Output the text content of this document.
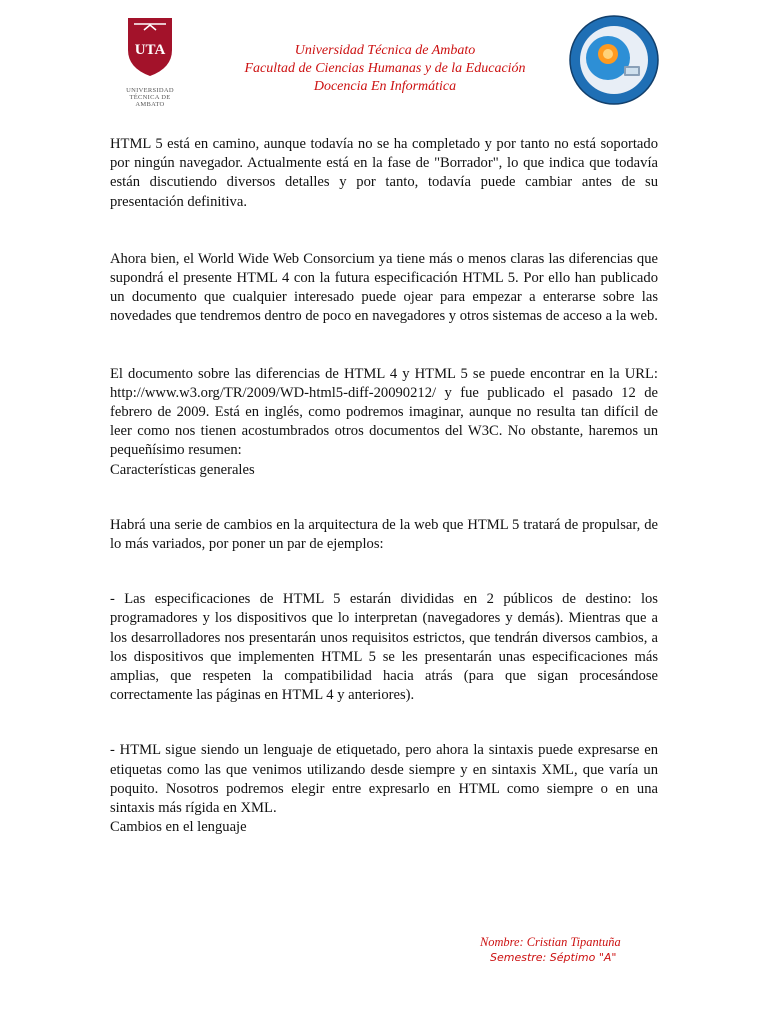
UTA
UNIVERSIDAD
TÉCNICA DE AMBATO
Universidad Técnica de Ambato
Facultad de Ciencias Humanas y de la Educación
Docencia En Informática

HTML 5 está en camino, aunque todavía no se ha completado y por tanto no está soportado por ningún navegador. Actualmente está en la fase de "Borrador", lo que indica que todavía están discutiendo diversos detalles y por tanto, todavía puede cambiar antes de su presentación definitiva.

Ahora bien, el World Wide Web Consorcium ya tiene más o menos claras las diferencias que supondrá el presente HTML 4 con la futura especificación HTML 5. Por ello han publicado un documento que cualquier interesado puede ojear para empezar a enterarse sobre las novedades que tendremos dentro de poco en navegadores y otros sistemas de acceso a la web.

El documento sobre las diferencias de HTML 4 y HTML 5 se puede encontrar en la URL: http://www.w3.org/TR/2009/WD-html5-diff-20090212/ y fue publicado el pasado 12 de febrero de 2009. Está en inglés, como podremos imaginar, aunque no resulta tan difícil de leer como nos tienen acostumbrados otros documentos del W3C. No obstante, haremos un pequeñísimo resumen:

Características generales

Habrá una serie de cambios en la arquitectura de la web que HTML 5 tratará de propulsar, de lo más variados, por poner un par de ejemplos:

- Las especificaciones de HTML 5 estarán divididas en 2 públicos de destino: los programadores y los dispositivos que lo interpretan (navegadores y demás). Mientras que a los desarrolladores nos presentarán unos requisitos estrictos, que tendrán diversos cambios, a los dispositivos que implementen HTML 5 se les presentarán unas especificaciones más amplias, que respeten la compatibilidad hacia atrás (para que sigan procesándose correctamente las páginas en HTML 4 y anteriores).

- HTML sigue siendo un lenguaje de etiquetado, pero ahora la sintaxis puede expresarse en etiquetas como las que venimos utilizando desde siempre y en sintaxis XML, que varía un poquito. Nosotros podremos elegir entre expresarlo en HTML como siempre o en una sintaxis más rígida en XML.

Cambios en el lenguaje

Nombre: Cristian Tipantuña
Semestre: Séptimo "A"
